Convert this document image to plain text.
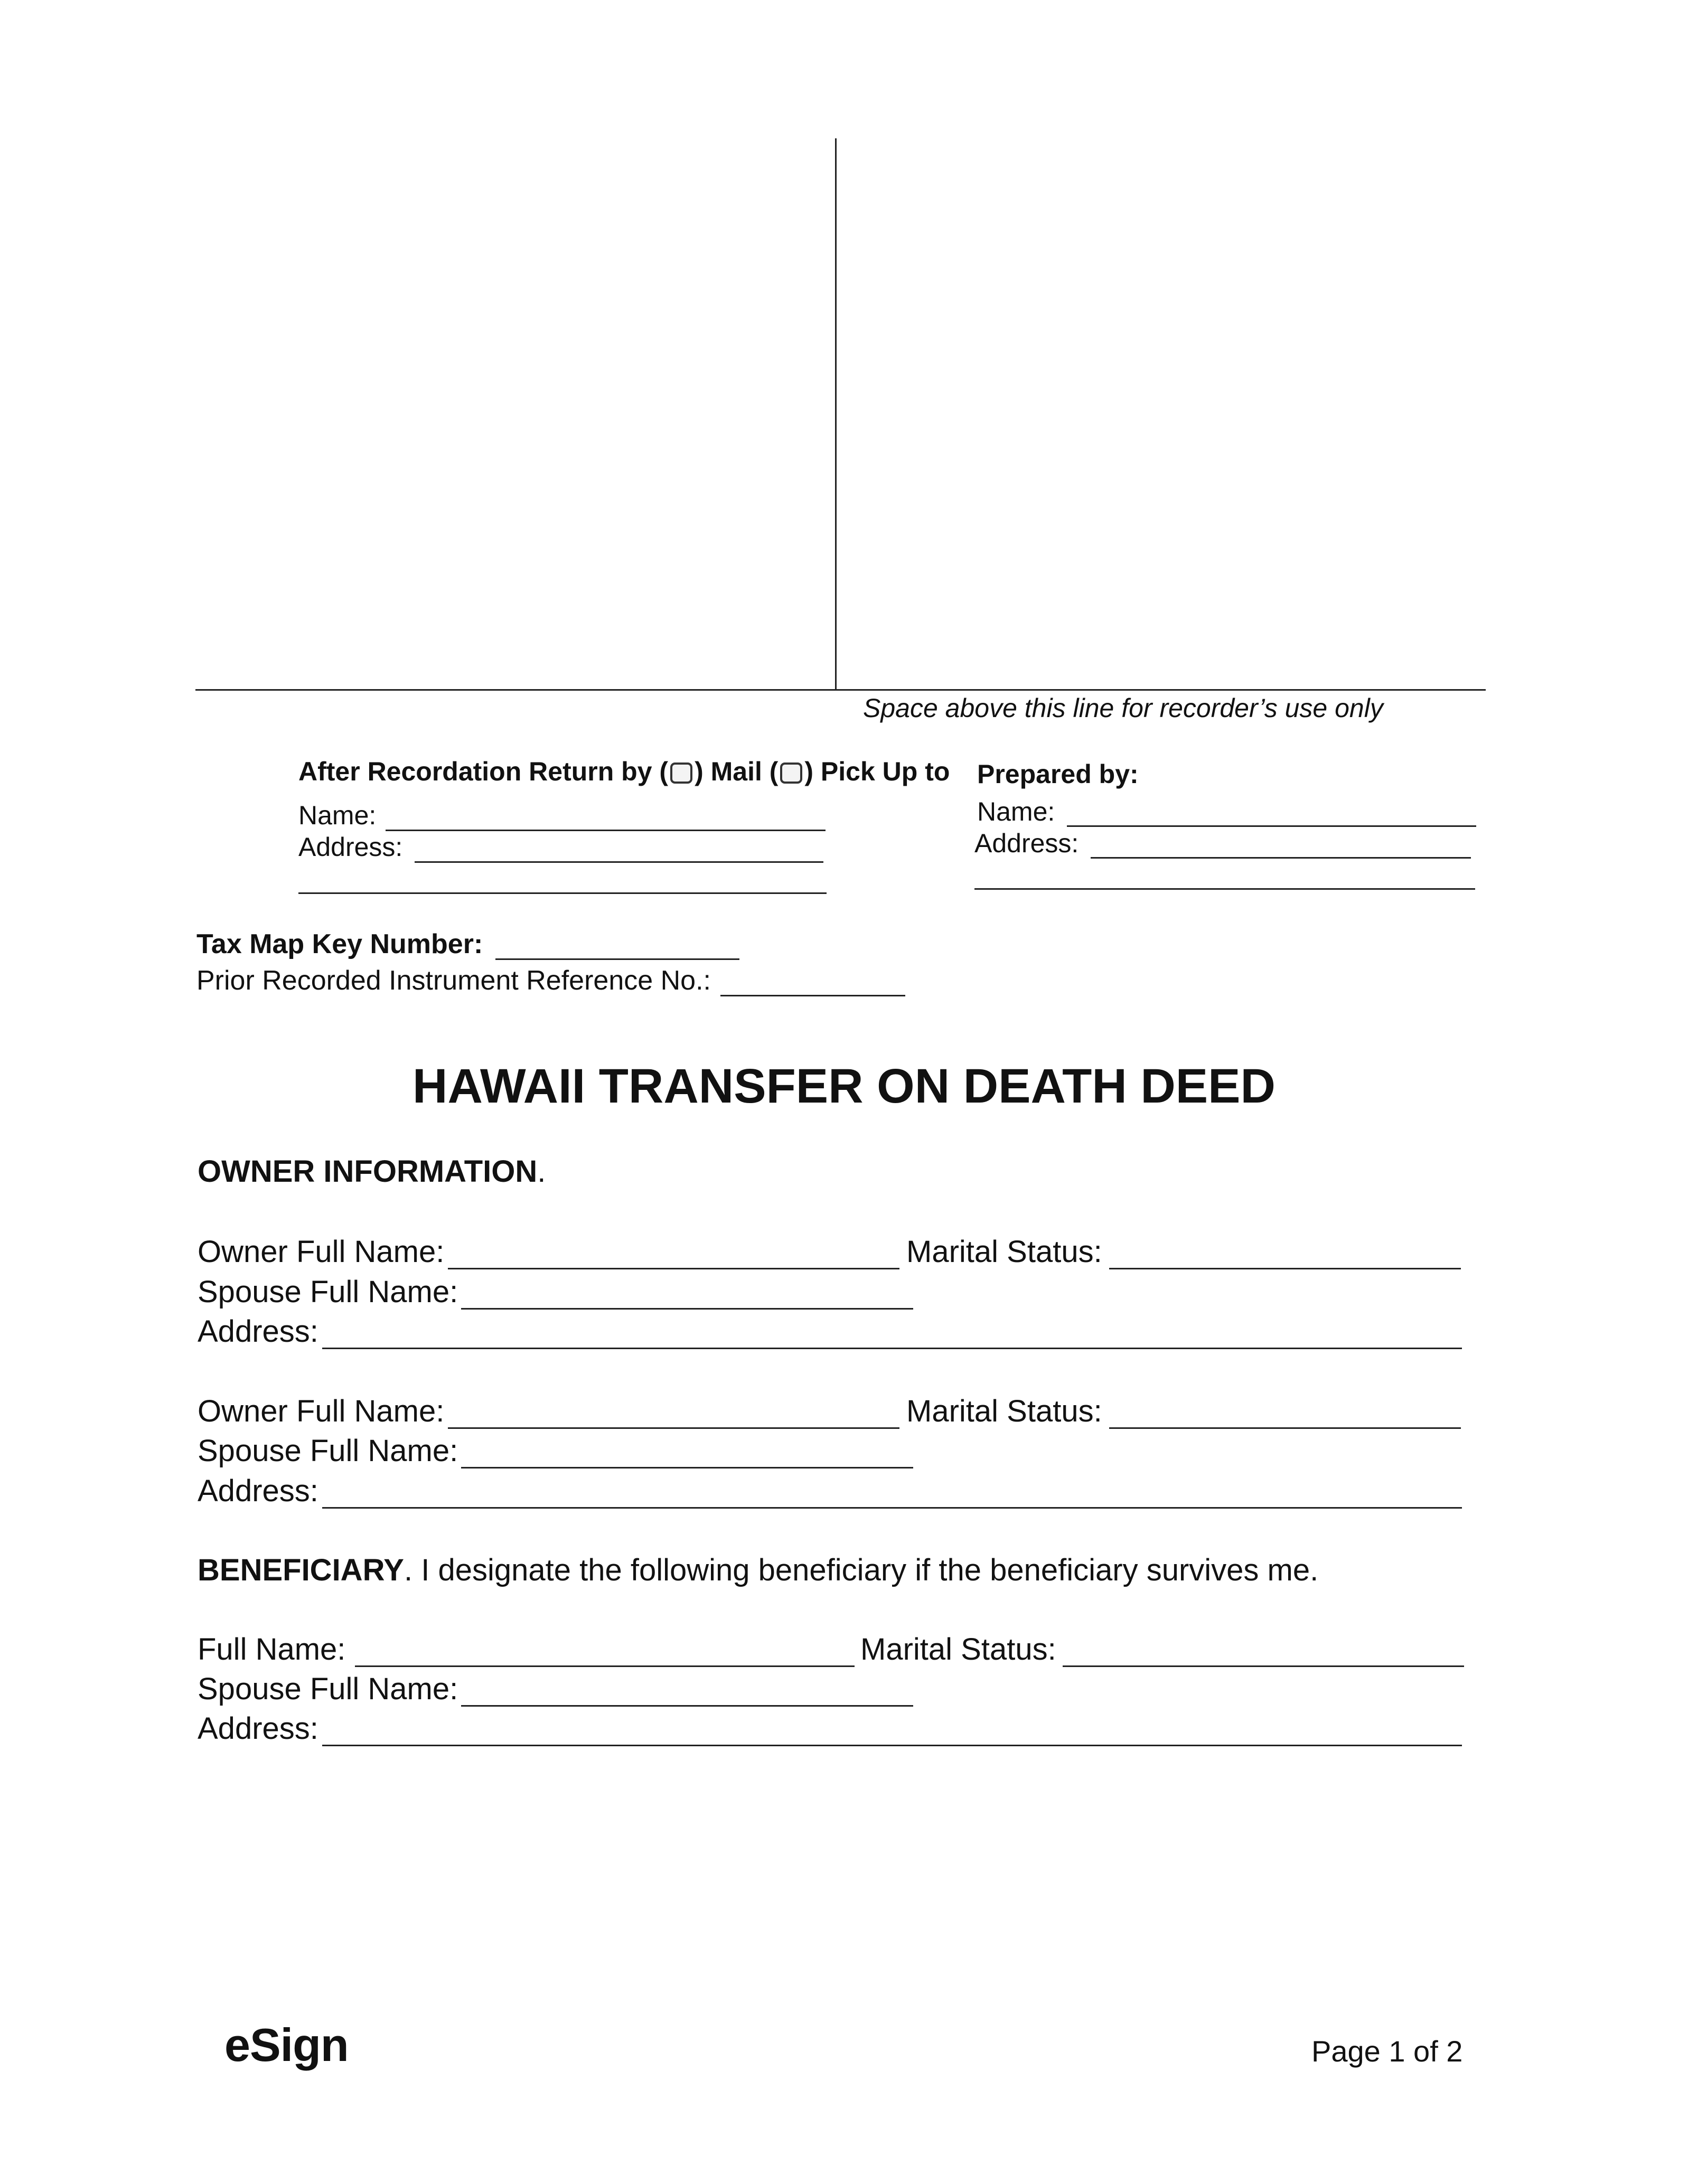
Space above this line for recorder’s use only
After Recordation Return by ( ) Mail ( ) Pick Up to
Name:
Address:
Prepared by:
Name:
Address:
Tax Map Key Number:
Prior Recorded Instrument Reference No.:
HAWAII TRANSFER ON DEATH DEED
OWNER INFORMATION.
Owner Full Name:	Marital Status:
Spouse Full Name:
Address:
Owner Full Name:	Marital Status:
Spouse Full Name:
Address:
BENEFICIARY. I designate the following beneficiary if the beneficiary survives me.
Full Name:	Marital Status:
Spouse Full Name:
Address:
eSign	Page 1 of 2
